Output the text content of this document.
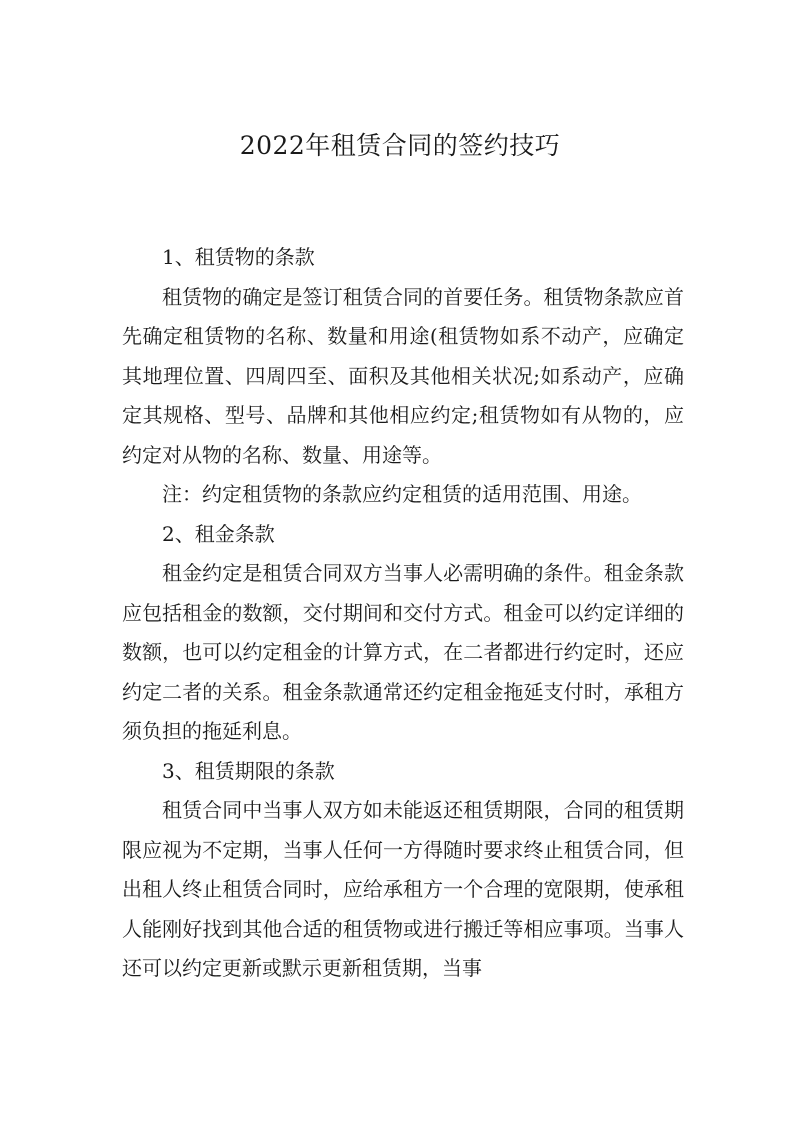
2022年租赁合同的签约技巧

1、租赁物的条款

租赁物的确定是签订租赁合同的首要任务。租赁物条款应首先确定租赁物的名称、数量和用途(租赁物如系不动产，应确定其地理位置、四周四至、面积及其他相关状况;如系动产，应确定其规格、型号、品牌和其他相应约定;租赁物如有从物的，应约定对从物的名称、数量、用途等。

注：约定租赁物的条款应约定租赁的适用范围、用途。

2、租金条款

租金约定是租赁合同双方当事人必需明确的条件。租金条款应包括租金的数额，交付期间和交付方式。租金可以约定详细的数额，也可以约定租金的计算方式，在二者都进行约定时，还应约定二者的关系。租金条款通常还约定租金拖延支付时，承租方须负担的拖延利息。

3、租赁期限的条款

租赁合同中当事人双方如未能返还租赁期限，合同的租赁期限应视为不定期，当事人任何一方得随时要求终止租赁合同，但出租人终止租赁合同时，应给承租方一个合理的宽限期，使承租人能刚好找到其他合适的租赁物或进行搬迁等相应事项。当事人还可以约定更新或默示更新租赁期，当事
